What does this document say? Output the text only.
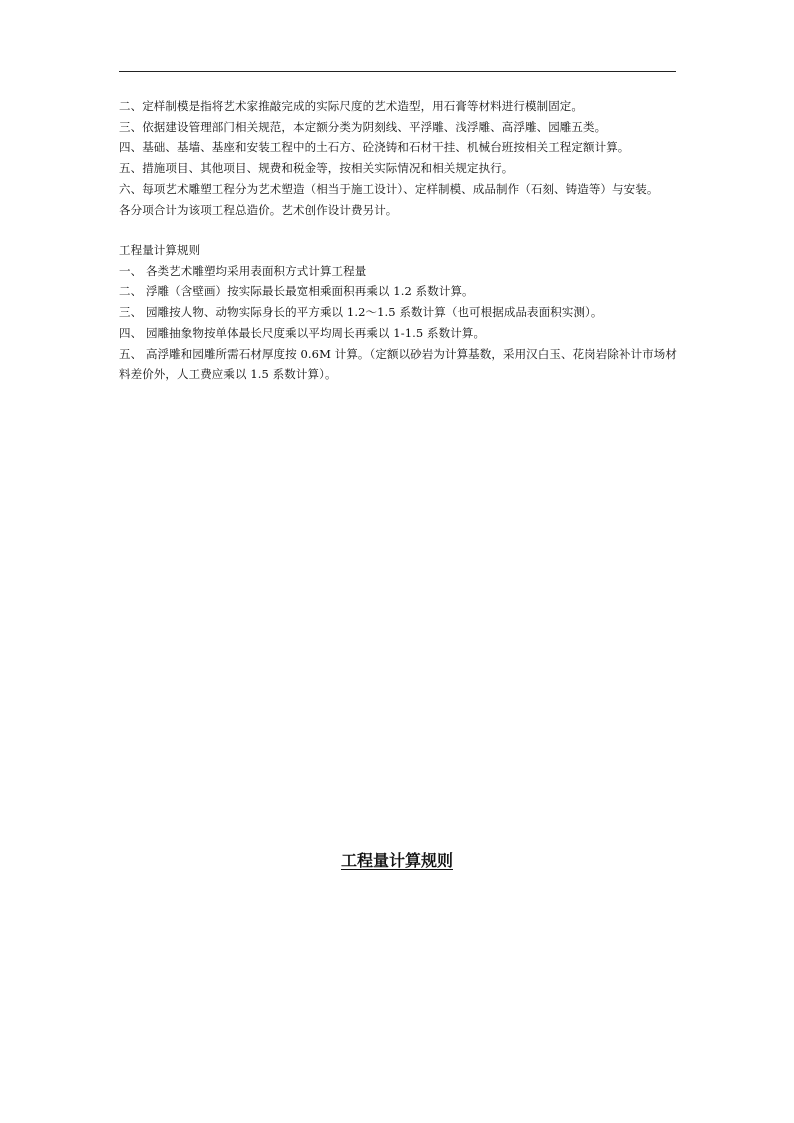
二、定样制模是指将艺术家推敲完成的实际尺度的艺术造型，用石膏等材料进行模制固定。
三、依据建设管理部门相关规范，本定额分类为阴刻线、平浮雕、浅浮雕、高浮雕、园雕五类。
四、基础、基墙、基座和安装工程中的土石方、砼浇铸和石材干挂、机械台班按相关工程定额计算。
五、措施项目、其他项目、规费和税金等，按相关实际情况和相关规定执行。
六、每项艺术雕塑工程分为艺术塑造（相当于施工设计）、定样制模、成品制作（石刻、铸造等）与安装。
各分项合计为该项工程总造价。艺术创作设计费另计。
工程量计算规则
一、 各类艺术雕塑均采用表面积方式计算工程量
二、 浮雕（含壁画）按实际最长最宽相乘面积再乘以 1.2 系数计算。
三、 园雕按人物、动物实际身长的平方乘以 1.2～1.5 系数计算（也可根据成品表面积实测）。
四、 园雕抽象物按单体最长尺度乘以平均周长再乘以 1-1.5 系数计算。
五、 高浮雕和园雕所需石材厚度按 0.6M 计算。（定额以砂岩为计算基数，采用汉白玉、花岗岩除补计市场材料差价外，人工费应乘以 1.5 系数计算）。
工程量计算规则
